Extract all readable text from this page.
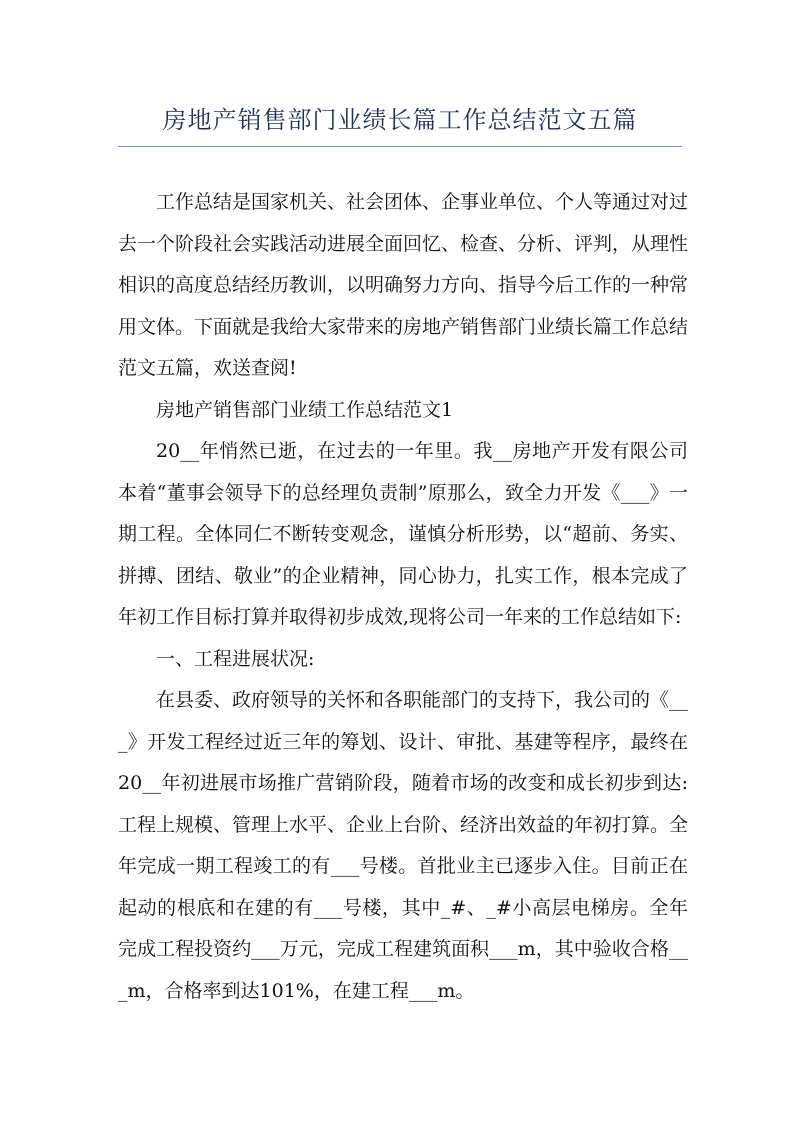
房地产销售部门业绩长篇工作总结范文五篇

工作总结是国家机关、社会团体、企事业单位、个人等通过对过去一个阶段社会实践活动进展全面回忆、检查、分析、评判，从理性相识的高度总结经历教训，以明确努力方向、指导今后工作的一种常用文体。下面就是我给大家带来的房地产销售部门业绩长篇工作总结范文五篇，欢送查阅!

房地产销售部门业绩工作总结范文1

20__年悄然已逝，在过去的一年里。我__房地产开发有限公司本着“董事会领导下的总经理负责制”原那么，致全力开发《___》一期工程。全体同仁不断转变观念，谨慎分析形势，以“超前、务实、拼搏、团结、敬业”的企业精神，同心协力，扎实工作，根本完成了年初工作目标打算并取得初步成效,现将公司一年来的工作总结如下:

一、工程进展状况:

在县委、政府领导的关怀和各职能部门的支持下，我公司的《___》开发工程经过近三年的筹划、设计、审批、基建等程序，最终在20__年初进展市场推广营销阶段，随着市场的改变和成长初步到达:工程上规模、管理上水平、企业上台阶、经济出效益的年初打算。全年完成一期工程竣工的有___号楼。首批业主已逐步入住。目前正在起动的根底和在建的有___号楼，其中_#、_#小高层电梯房。全年完成工程投资约___万元，完成工程建筑面积___m，其中验收合格___m，合格率到达101%，在建工程___m。
